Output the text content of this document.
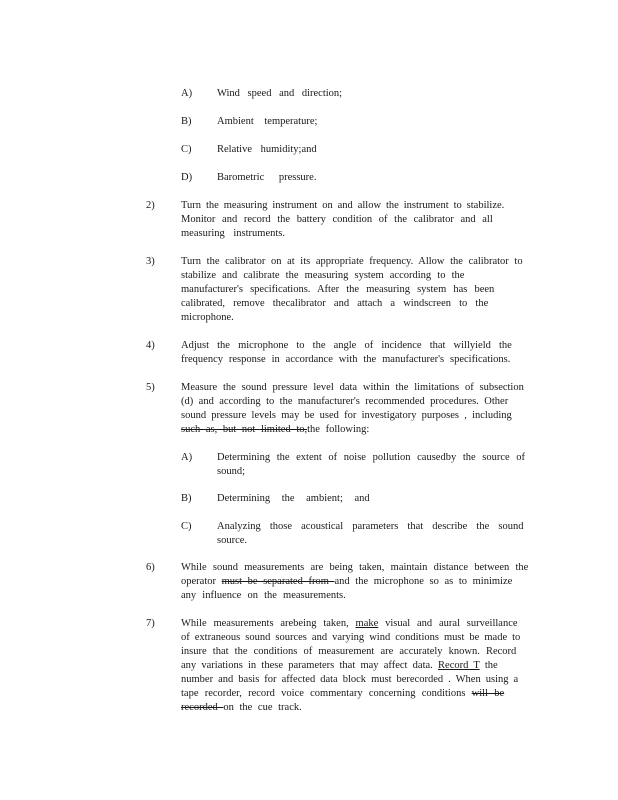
A) Wind speed and direction;
B) Ambient temperature;
C) Relative humidity;and
D) Barometric pressure.
2)	Turn the measuring instrument on and allow the instrument to stabilize.
Monitor and record the battery condition of the calibrator and all
measuring instruments.
3)	Turn the calibrator on at its appropriate frequency. Allow the calibrator to
stabilize and calibrate the measuring system according to the
manufacturer's specifications. After the measuring system has been
calibrated, remove thecalibrator and attach a windscreen to the
microphone.
4)	Adjust the microphone to the angle of incidence that willyield the
frequency response in accordance with the manufacturer's specifications.
5)	Measure the sound pressure level data within the limitations of subsection
(d) and according to the manufacturer's recommended procedures. Other
sound pressure levels may be used for investigatory purposes , including
such as, but not limited to,the following:
A) Determining the extent of noise pollution causedby the source of
sound;
B) Determining the ambient; and
C) Analyzing those acoustical parameters that describe the sound
source.
6)	While sound measurements are being taken, maintain distance between the
operator must be separated from and the microphone so as to minimize
any influence on the measurements.
7)	While measurements arebeing taken, make visual and aural surveillance
of extraneous sound sources and varying wind conditions must be made to
insure that the conditions of measurement are accurately known. Record
any variations in these parameters that may affect data. Record T the
number and basis for affected data block must berecorded . When using a
tape recorder, record voice commentary concerning conditions will be
recorded on the cue track.
